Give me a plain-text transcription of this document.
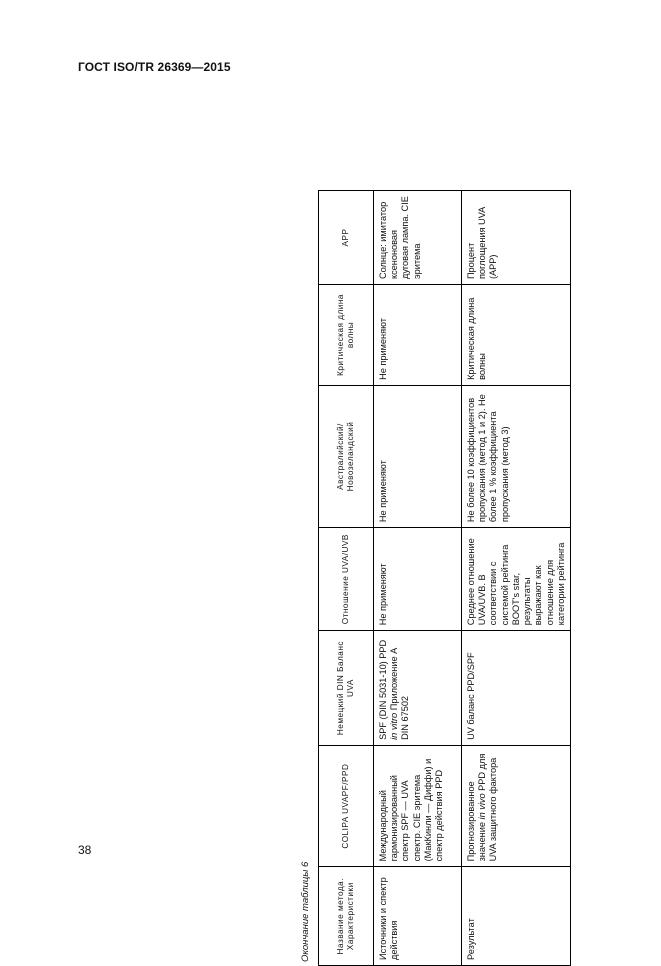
ГОСТ ISO/TR 26369—2015
Окончание таблицы 6	Название метода. Характеристики	COLIPA UVAPF/PPD	Немецкий DIN Баланс UVA	Отношение UVA/UVB	Австралийский/ Новозеландский	Критическая длина волны	APP
Источники и спектр действия	Международный гармонизированный спектр SPF — UVA спектр. CIE эритема (МакКинли — Диффи) и спектр действия PPD	SPF (DIN 5031-10) PPD in vitro Приложение A DIN 67502	Не применяют	Не применяют	Не применяют	Солнце: имитатор ксеноновая дуговая лампа. CIE эритема
Результат	Прогнозированное значение in vivo PPD для UVA защитного фактора	UV баланс PPD/SPF	Среднее отношение UVA/UVB. В соответствии с системой рейтинга BOOT's star, результаты выражают как отношение для категории рейтинга	Не более 10 коэффициентов пропускания (метод 1 и 2). Не более 1 % коэффициента пропускания (метод 3)	Критическая длина волны	Процент поглощения UVA (APP)
38
